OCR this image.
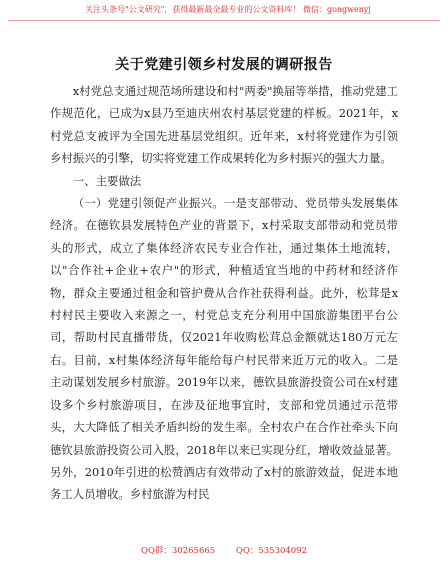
关注头条号"公文研究"，获得最新最全最专业的公文资料库！ 微信：gongwenyj
关于党建引领乡村发展的调研报告

x村党总支通过规范场所建设和村"两委"换届等举措，推动党建工作规范化，已成为x县乃至迪庆州农村基层党建的样板。2021年，x村党总支被评为全国先进基层党组织。近年来，x村将党建作为引领乡村振兴的引擎，切实将党建工作成果转化为乡村振兴的强大力量。

一、主要做法

（一）党建引领促产业振兴。一是支部带动、党员带头发展集体经济。在德钦县发展特色产业的背景下，x村采取支部带动和党员带头的形式，成立了集体经济农民专业合作社，通过集体土地流转，以"合作社+企业+农户"的形式，种植适宜当地的中药材和经济作物，群众主要通过租金和管护费从合作社获得利益。此外，松茸是x村村民主要收入来源之一，村党总支充分利用中国旅游集团平台公司，帮助村民直播带货，仅2021年收购松茸总金额就达180万元左右。目前，x村集体经济每年能给每户村民带来近万元的收入。二是主动谋划发展乡村旅游。2019年以来，德钦县旅游投资公司在x村建设多个乡村旅游项目，在涉及征地事宜时，支部和党员通过示范带头，大大降低了相关矛盾纠纷的发生率。全村农户在合作社牵头下向德钦县旅游投资公司入股，2018年以来已实现分红，增收效益显著。另外，2010年引进的松赞酒店有效带动了x村的旅游效益，促进本地务工人员增收。乡村旅游为村民

QQ群：30265665 QQ：535304092
